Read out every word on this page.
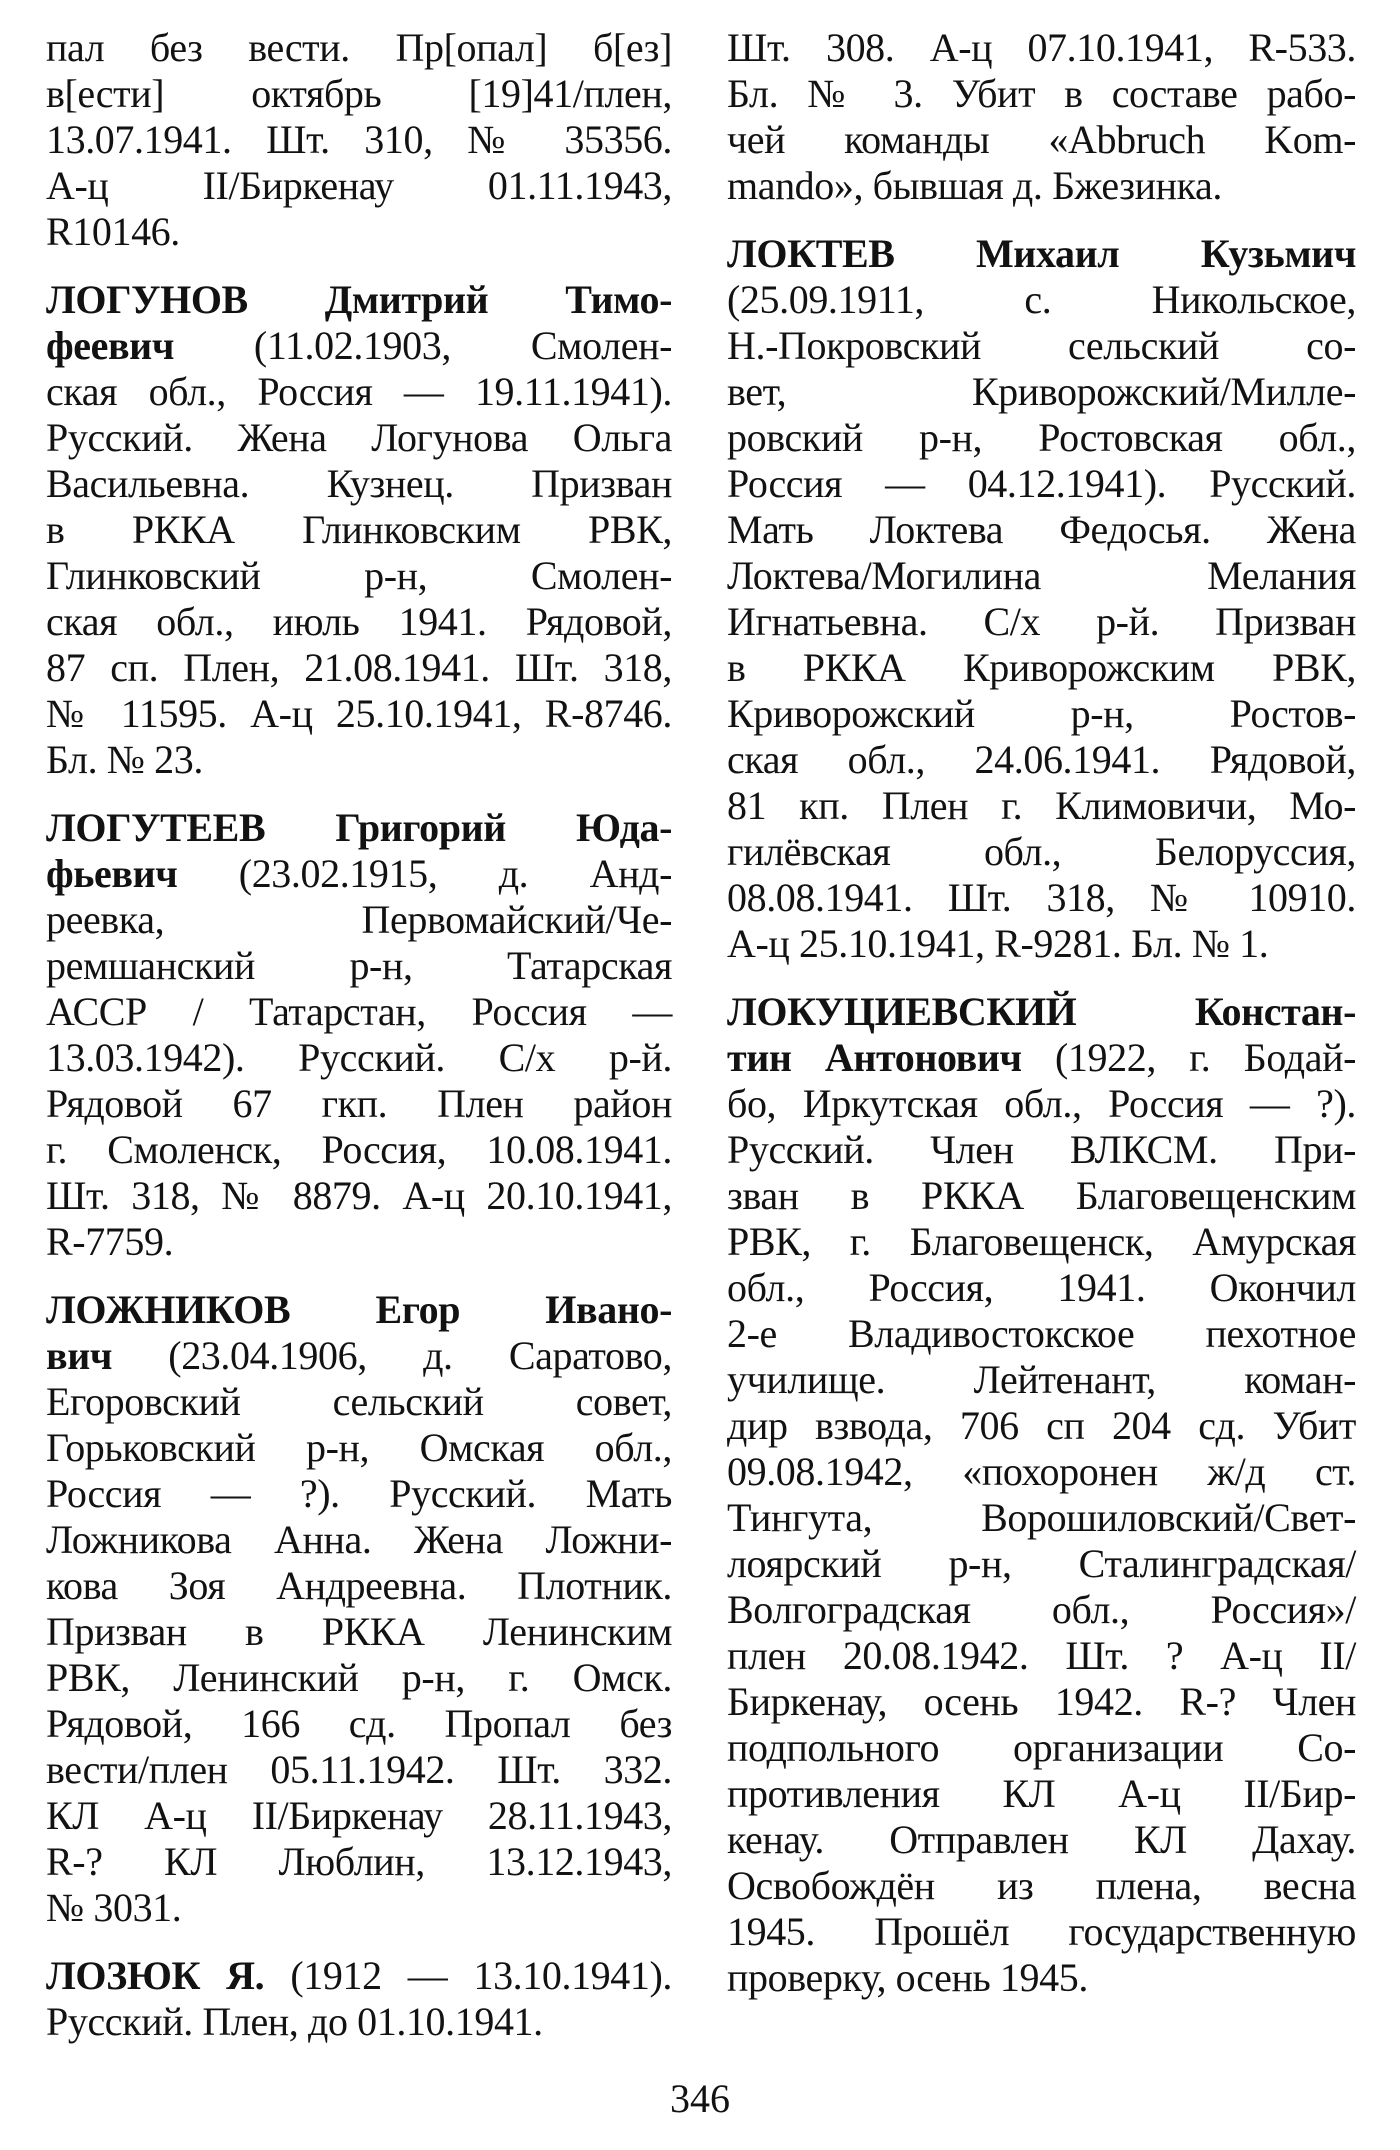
пал без вести. Пр[опал] б[ез]
в[ести] октябрь [19]41/плен,
13.07.1941. Шт. 310, № 35356.
А-ц II/Биркенау 01.11.1943,
R10146.
ЛОГУНОВ Дмитрий Тимо-
феевич (11.02.1903, Смолен-
ская обл., Россия — 19.11.1941).
Русский. Жена Логунова Ольга
Васильевна. Кузнец. Призван
в РККА Глинковским РВК,
Глинковский р-н, Смолен-
ская обл., июль 1941. Рядовой,
87 сп. Плен, 21.08.1941. Шт. 318,
№ 11595. А-ц 25.10.1941, R-8746.
Бл. № 23.
ЛОГУТЕЕВ Григорий Юда-
фьевич (23.02.1915, д. Анд-
реевка, Первомайский/Че-
ремшанский р-н, Татарская
АССР / Татарстан, Россия —
13.03.1942). Русский. С/х р-й.
Рядовой 67 гкп. Плен район
г. Смоленск, Россия, 10.08.1941.
Шт. 318, № 8879. А-ц 20.10.1941,
R-7759.
ЛОЖНИКОВ Егор Ивано-
вич (23.04.1906, д. Саратово,
Егоровский сельский совет,
Горьковский р-н, Омская обл.,
Россия — ?). Русский. Мать
Ложникова Анна. Жена Ложни-
кова Зоя Андреевна. Плотник.
Призван в РККА Ленинским
РВК, Ленинский р-н, г. Омск.
Рядовой, 166 сд. Пропал без
вести/плен 05.11.1942. Шт. 332.
КЛ А-ц II/Биркенау 28.11.1943,
R-? КЛ Люблин, 13.12.1943,
№ 3031.
ЛОЗЮК Я. (1912 — 13.10.1941).
Русский. Плен, до 01.10.1941.
Шт. 308. А-ц 07.10.1941, R-533.
Бл. № 3. Убит в составе рабо-
чей команды «Abbruch Kom-
mando», бывшая д. Бжезинка.
ЛОКТЕВ Михаил Кузьмич
(25.09.1911, с. Никольское,
Н.-Покровский сельский со-
вет, Криворожский/Милле-
ровский р-н, Ростовская обл.,
Россия — 04.12.1941). Русский.
Мать Локтева Федосья. Жена
Локтева/Могилина Мелания
Игнатьевна. С/х р-й. Призван
в РККА Криворожским РВК,
Криворожский р-н, Ростов-
ская обл., 24.06.1941. Рядовой,
81 кп. Плен г. Климовичи, Мо-
гилёвская обл., Белоруссия,
08.08.1941. Шт. 318, № 10910.
А-ц 25.10.1941, R-9281. Бл. № 1.
ЛОКУЦИЕВСКИЙ Констан-
тин Антонович (1922, г. Бодай-
бо, Иркутская обл., Россия — ?).
Русский. Член ВЛКСМ. При-
зван в РККА Благовещенским
РВК, г. Благовещенск, Амурская
обл., Россия, 1941. Окончил
2-е Владивостокское пехотное
училище. Лейтенант, коман-
дир взвода, 706 сп 204 сд. Убит
09.08.1942, «похоронен ж/д ст.
Тингута, Ворошиловский/Свет-
лоярский р-н, Сталинградская/
Волгоградская обл., Россия»/
плен 20.08.1942. Шт. ? А-ц II/
Биркенау, осень 1942. R-? Член
подпольного организации Со-
противления КЛ А-ц II/Бир-
кенау. Отправлен КЛ Дахау.
Освобождён из плена, весна
1945. Прошёл государственную
проверку, осень 1945.
346
